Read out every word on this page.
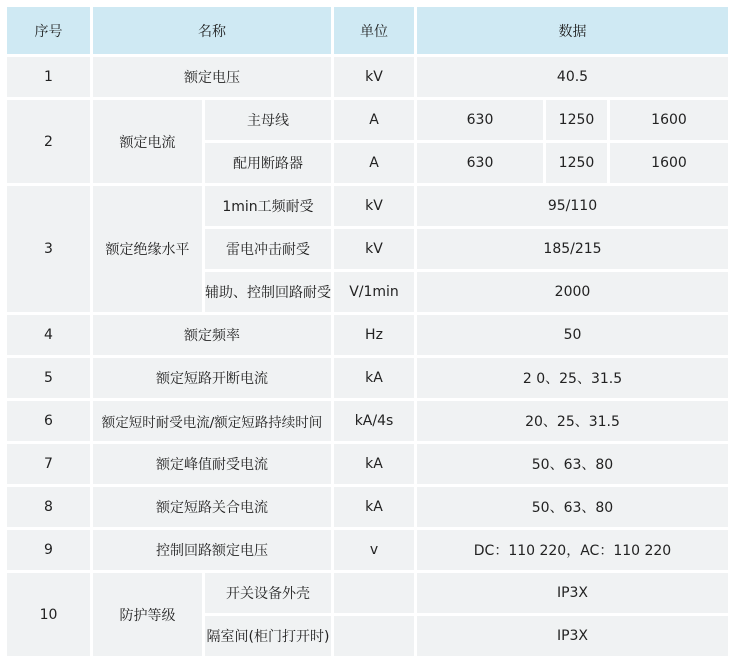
序号	名称		单位	数据		
1	额定电压		kV	40.5		
2	额定电流	主母线	A	630	1250	1600
		配用断路器	A	630	1250	1600
3	额定绝缘水平	1min工频耐受	kV	95/110		
		雷电冲击耐受	kV	185/215		
		辅助、控制回路耐受	V/1min	2000		
4	额定频率		Hz	50		
5	额定短路开断电流		kA	2 0、25、31.5		
6	额定短时耐受电流/额定短路持续时间		kA/4s	20、25、31.5		
7	额定峰值耐受电流		kA	50、63、80		
8	额定短路关合电流		kA	50、63、80		
9	控制回路额定电压		v	DC：110 220，AC：110 220		
10	防护等级	开关设备外壳		IP3X		
		隔室间(柜门打开时)		IP3X		
